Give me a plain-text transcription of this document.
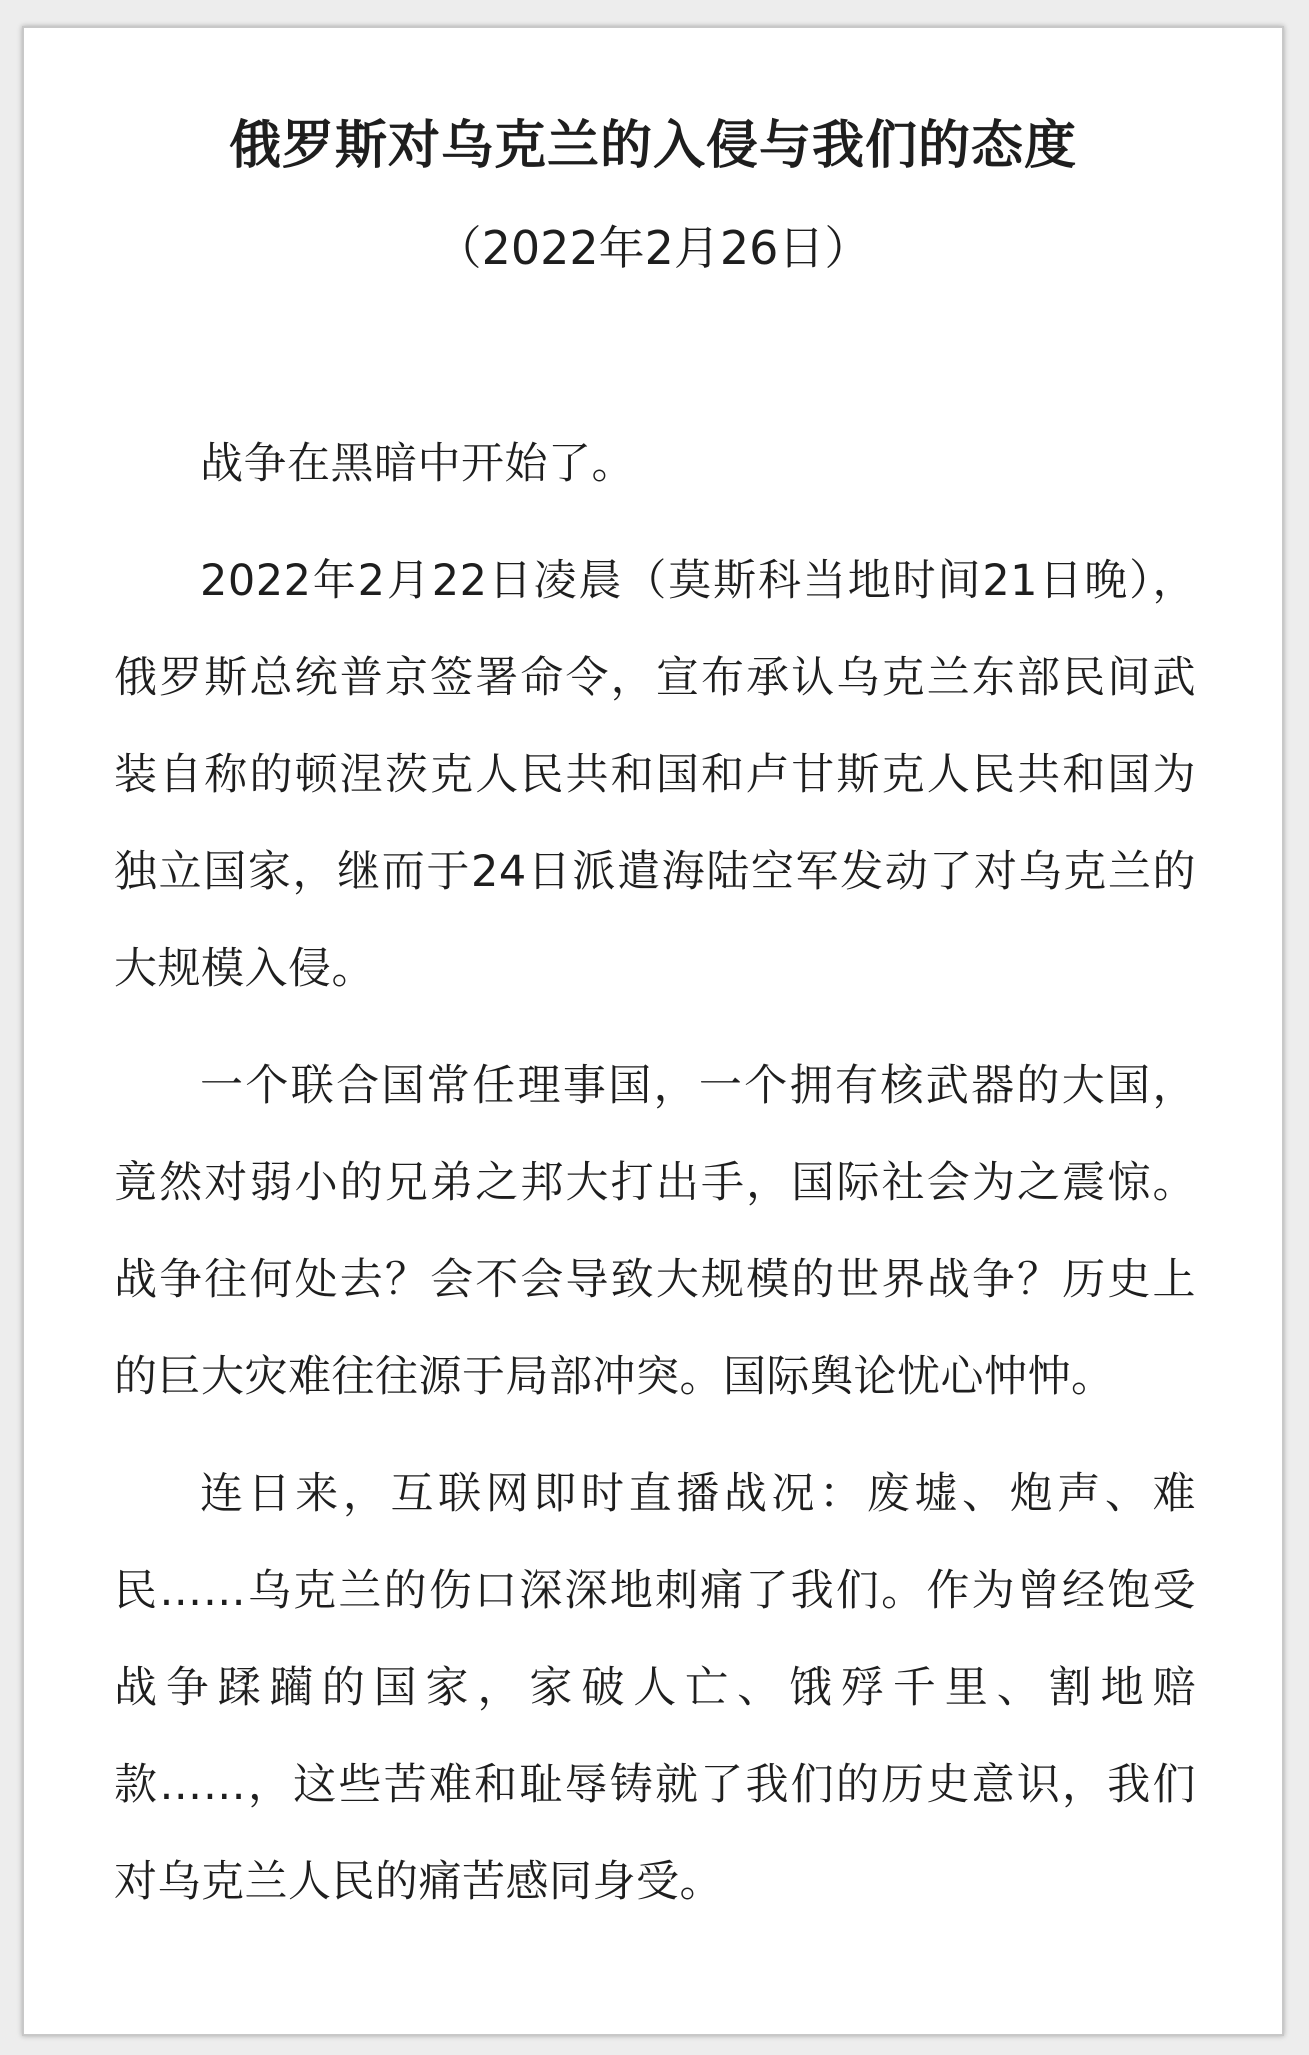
俄罗斯对乌克兰的入侵与我们的态度
（2022年2月26日）

战争在黑暗中开始了。

2022年2月22日凌晨（莫斯科当地时间21日晚），俄罗斯总统普京签署命令，宣布承认乌克兰东部民间武装自称的顿涅茨克人民共和国和卢甘斯克人民共和国为独立国家，继而于24日派遣海陆空军发动了对乌克兰的大规模入侵。

一个联合国常任理事国，一个拥有核武器的大国，竟然对弱小的兄弟之邦大打出手，国际社会为之震惊。战争往何处去？会不会导致大规模的世界战争？历史上的巨大灾难往往源于局部冲突。国际舆论忧心忡忡。

连日来，互联网即时直播战况：废墟、炮声、难民……乌克兰的伤口深深地刺痛了我们。作为曾经饱受战争蹂躏的国家，家破人亡、饿殍千里、割地赔款……，这些苦难和耻辱铸就了我们的历史意识，我们对乌克兰人民的痛苦感同身受。
